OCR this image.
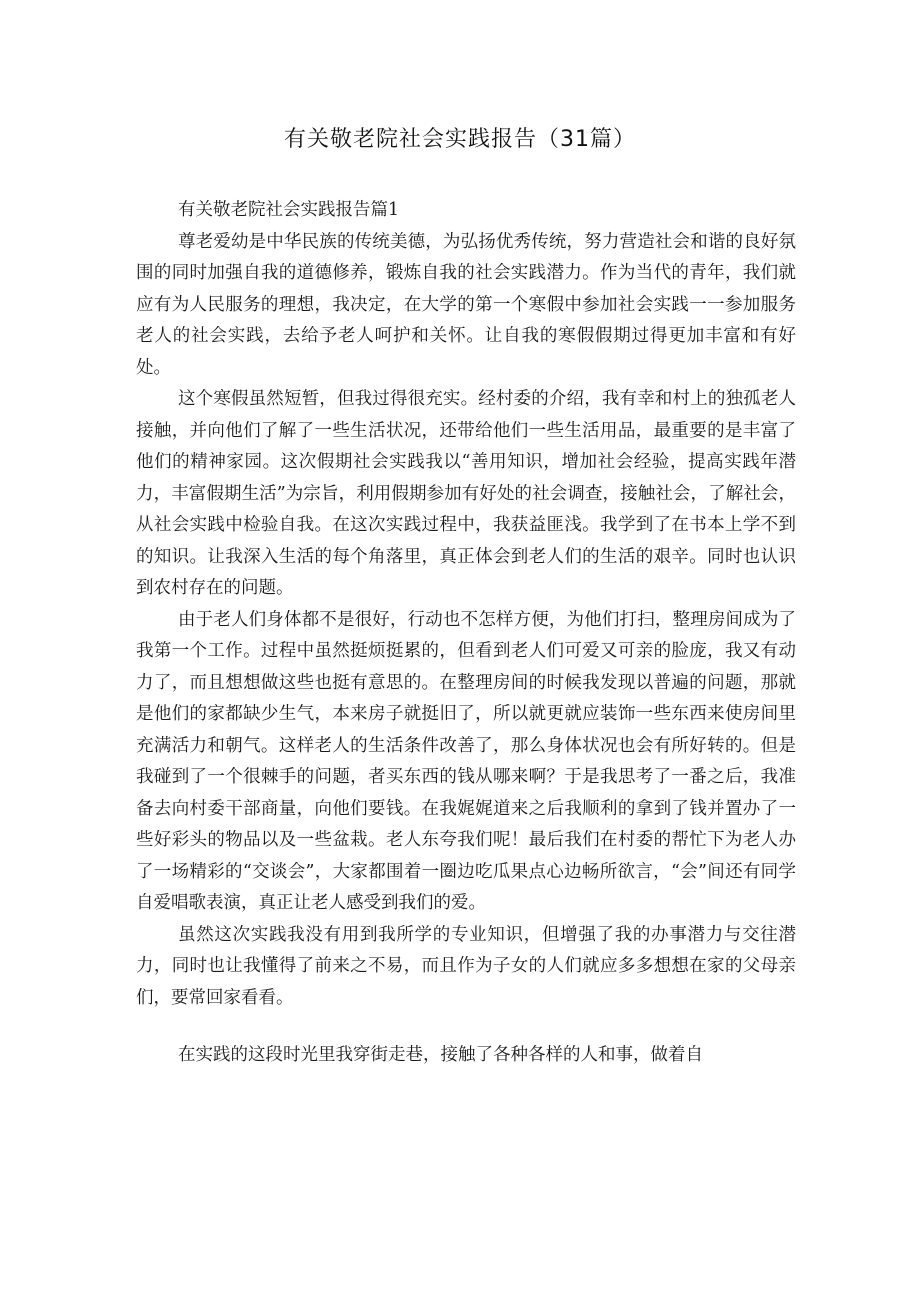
有关敬老院社会实践报告（31篇）
有关敬老院社会实践报告篇1

尊老爱幼是中华民族的传统美德，为弘扬优秀传统，努力营造社会和谐的良好氛围的同时加强自我的道德修养，锻炼自我的社会实践潜力。作为当代的青年，我们就应有为人民服务的理想，我决定，在大学的第一个寒假中参加社会实践一一参加服务老人的社会实践，去给予老人呵护和关怀。让自我的寒假假期过得更加丰富和有好处。

这个寒假虽然短暂，但我过得很充实。经村委的介绍，我有幸和村上的独孤老人接触，并向他们了解了一些生活状况，还带给他们一些生活用品，最重要的是丰富了他们的精神家园。这次假期社会实践我以“善用知识，增加社会经验，提高实践年潜力，丰富假期生活”为宗旨，利用假期参加有好处的社会调查，接触社会，了解社会，从社会实践中检验自我。在这次实践过程中，我获益匪浅。我学到了在书本上学不到的知识。让我深入生活的每个角落里，真正体会到老人们的生活的艰辛。同时也认识到农村存在的问题。

由于老人们身体都不是很好，行动也不怎样方便，为他们打扫，整理房间成为了我第一个工作。过程中虽然挺烦挺累的，但看到老人们可爱又可亲的脸庞，我又有动力了，而且想想做这些也挺有意思的。在整理房间的时候我发现以普遍的问题，那就是他们的家都缺少生气，本来房子就挺旧了，所以就更就应装饰一些东西来使房间里充满活力和朝气。这样老人的生活条件改善了，那么身体状况也会有所好转的。但是我碰到了一个很棘手的问题，者买东西的钱从哪来啊？于是我思考了一番之后，我准备去向村委干部商量，向他们要钱。在我娓娓道来之后我顺利的拿到了钱并置办了一些好彩头的物品以及一些盆栽。老人东夸我们呢！最后我们在村委的帮忙下为老人办了一场精彩的“交谈会”，大家都围着一圈边吃瓜果点心边畅所欲言，“会”间还有同学自爱唱歌表演，真正让老人感受到我们的爱。

虽然这次实践我没有用到我所学的专业知识，但增强了我的办事潜力与交往潜力，同时也让我懂得了前来之不易，而且作为子女的人们就应多多想想在家的父母亲们，要常回家看看。

在实践的这段时光里我穿街走巷，接触了各种各样的人和事，做着自
